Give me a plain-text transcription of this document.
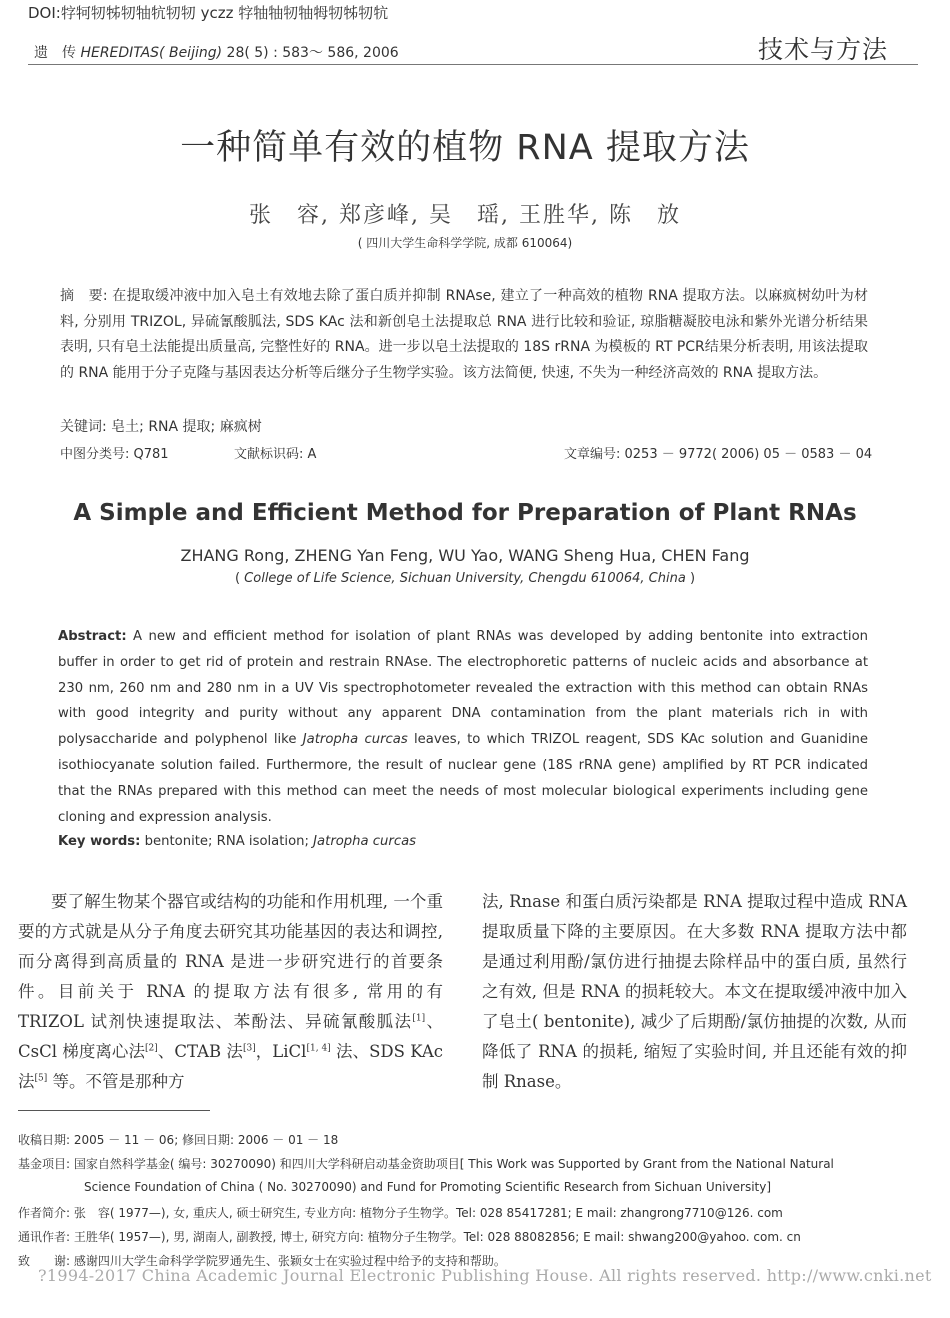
DOI:牸牱牣牬牣牰牨牣牣 yczz 牸牰牰牣牰牳牣牬牣牨
遗　传 HEREDITAS( Beijing) 28( 5) : 583～ 586, 2006	技术与方法
一种简单有效的植物 RNA 提取方法
张　容, 郑彦峰, 吴　瑶, 王胜华, 陈　放
( 四川大学生命科学学院, 成都 610064)
摘　要: 在提取缓冲液中加入皂土有效地去除了蛋白质并抑制 RNAse, 建立了一种高效的植物 RNA 提取方法。以麻疯树幼叶为材料, 分别用 TRIZOL, 异硫氰酸胍法, SDS KAc 法和新创皂土法提取总 RNA 进行比较和验证, 琼脂糖凝胶电泳和紫外光谱分析结果表明, 只有皂土法能提出质量高, 完整性好的 RNA。进一步以皂土法提取的 18S rRNA 为模板的 RT PCR结果分析表明, 用该法提取的 RNA 能用于分子克隆与基因表达分析等后继分子生物学实验。该方法简便, 快速, 不失为一种经济高效的 RNA 提取方法。
关键词: 皂土; RNA 提取; 麻疯树
中图分类号: Q781	文献标识码: A	文章编号: 0253 － 9772( 2006) 05 － 0583 － 04
A Simple and Efficient Method for Preparation of Plant RNAs
ZHANG Rong, ZHENG Yan Feng, WU Yao, WANG Sheng Hua, CHEN Fang
( College of Life Science, Sichuan University, Chengdu 610064, China )
Abstract: A new and efficient method for isolation of plant RNAs was developed by adding bentonite into extraction buffer in order to get rid of protein and restrain RNAse. The electrophoretic patterns of nucleic acids and absorbance at 230 nm, 260 nm and 280 nm in a UV Vis spectrophotometer revealed the extraction with this method can obtain RNAs with good integrity and purity without any apparent DNA contamination from the plant materials rich in with polysaccharide and polyphenol like Jatropha curcas leaves, to which TRIZOL reagent, SDS KAc solution and Guanidine isothiocyanate solution failed. Furthermore, the result of nuclear gene (18S rRNA gene) amplified by RT PCR indicated that the RNAs prepared with this method can meet the needs of most molecular biological experiments including gene cloning and expression analysis.
Key words: bentonite; RNA isolation; Jatropha curcas
要了解生物某个器官或结构的功能和作用机理, 一个重要的方式就是从分子角度去研究其功能基因的表达和调控, 而分离得到高质量的 RNA 是进一步研究进行的首要条件。目前关于 RNA 的提取方法有很多, 常用的有 TRIZOL 试剂快速提取法、苯酚法、异硫氰酸胍法[1]、CsCl 梯度离心法[2]、CTAB 法[3]，LiCl[1, 4] 法、SDS KAc 法[5] 等。不管是那种方
法, Rnase 和蛋白质污染都是 RNA 提取过程中造成 RNA 提取质量下降的主要原因。在大多数 RNA 提取方法中都是通过利用酚/氯仿进行抽提去除样品中的蛋白质, 虽然行之有效, 但是 RNA 的损耗较大。本文在提取缓冲液中加入了皂土( bentonite), 减少了后期酚/氯仿抽提的次数, 从而降低了 RNA 的损耗, 缩短了实验时间, 并且还能有效的抑制 Rnase。
收稿日期: 2005 － 11 － 06; 修回日期: 2006 － 01 － 18
基金项目: 国家自然科学基金( 编号: 30270090) 和四川大学科研启动基金资助项目[ This Work was Supported by Grant from the National Natural
Science Foundation of China ( No. 30270090) and Fund for Promoting Scientific Research from Sichuan University]
作者简介: 张　容( 1977—), 女, 重庆人, 硕士研究生, 专业方向: 植物分子生物学。Tel: 028 85417281; E mail: zhangrong7710@126. com
通讯作者: 王胜华( 1957—), 男, 湖南人, 副教授, 博士, 研究方向: 植物分子生物学。Tel: 028 88082856; E mail: shwang200@yahoo. com. cn
致　　谢: 感谢四川大学生命科学学院罗通先生、张颖女士在实验过程中给予的支持和帮助。
?1994-2017 China Academic Journal Electronic Publishing House. All rights reserved. http://www.cnki.net
